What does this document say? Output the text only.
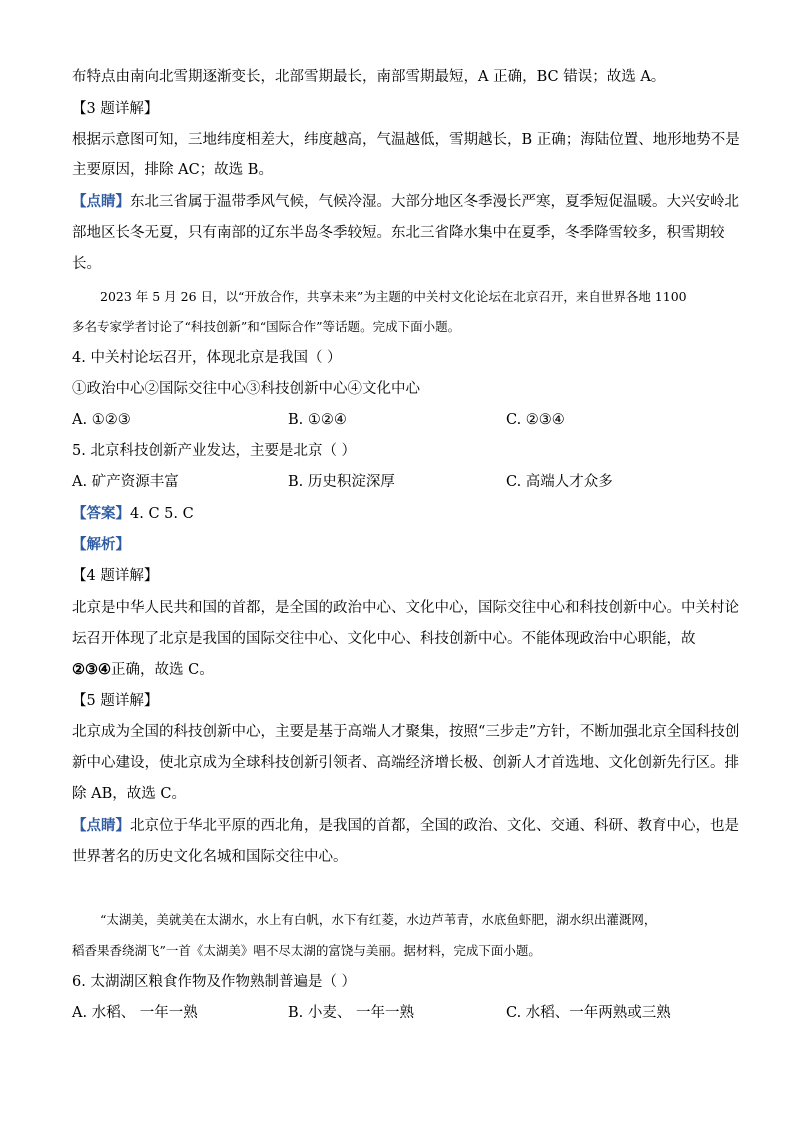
布特点由南向北雪期逐渐变长，北部雪期最长，南部雪期最短，A 正确，BC 错误；故选 A。
【3 题详解】
根据示意图可知，三地纬度相差大，纬度越高，气温越低，雪期越长，B 正确；海陆位置、地形地势不是
主要原因，排除 AC；故选 B。
【点睛】东北三省属于温带季风气候，气候冷湿。大部分地区冬季漫长严寒，夏季短促温暖。大兴安岭北
部地区长冬无夏，只有南部的辽东半岛冬季较短。东北三省降水集中在夏季，冬季降雪较多，积雪期较
长。
2023 年 5 月 26 日，以“开放合作，共享未来”为主题的中关村文化论坛在北京召开，来自世界各地 1100
多名专家学者讨论了“科技创新”和“国际合作”等话题。完成下面小题。
4. 中关村论坛召开，体现北京是我国（ ）
①政治中心②国际交往中心③科技创新中心④文化中心
A. ①②③	B. ①②④	C. ②③④
5. 北京科技创新产业发达，主要是北京（ ）
A. 矿产资源丰富	B. 历史积淀深厚	C. 高端人才众多
【答案】4. C 5. C
【解析】
【4 题详解】
北京是中华人民共和国的首都，是全国的政治中心、文化中心，国际交往中心和科技创新中心。中关村论
坛召开体现了北京是我国的国际交往中心、文化中心、科技创新中心。不能体现政治中心职能，故
②③④正确，故选 C。
【5 题详解】
北京成为全国的科技创新中心，主要是基于高端人才聚集，按照“三步走”方针，不断加强北京全国科技创
新中心建设，使北京成为全球科技创新引领者、高端经济增长极、创新人才首选地、文化创新先行区。排
除 AB，故选 C。
【点睛】北京位于华北平原的西北角，是我国的首都，全国的政治、文化、交通、科研、教育中心，也是
世界著名的历史文化名城和国际交往中心。
“太湖美，美就美在太湖水，水上有白帆，水下有红菱，水边芦苇青，水底鱼虾肥，湖水织出灌溉网，
稻香果香绕湖飞”一首《太湖美》唱不尽太湖的富饶与美丽。据材料，完成下面小题。
6. 太湖湖区粮食作物及作物熟制普遍是（ ）
A. 水稻、 一年一熟	B. 小麦、 一年一熟	C. 水稻、一年两熟或三熟
